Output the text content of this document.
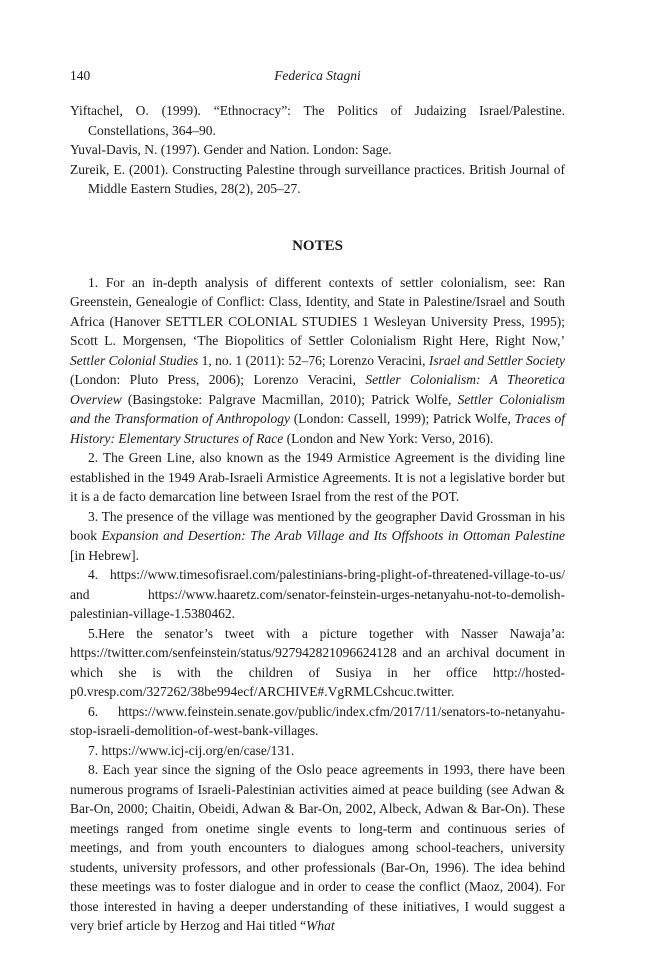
140	Federica Stagni
Yiftachel, O. (1999). “Ethnocracy”: The Politics of Judaizing Israel/Palestine. Constellations, 364–90.
Yuval-Davis, N. (1997). Gender and Nation. London: Sage.
Zureik, E. (2001). Constructing Palestine through surveillance practices. British Journal of Middle Eastern Studies, 28(2), 205–27.
NOTES
1. For an in-depth analysis of different contexts of settler colonialism, see: Ran Greenstein, Genealogie of Conflict: Class, Identity, and State in Palestine/Israel and South Africa (Hanover SETTLER COLONIAL STUDIES 1 Wesleyan University Press, 1995); Scott L. Morgensen, ‘The Biopolitics of Settler Colonialism Right Here, Right Now,’ Settler Colonial Studies 1, no. 1 (2011): 52–76; Lorenzo Veracini, Israel and Settler Society (London: Pluto Press, 2006); Lorenzo Veracini, Settler Colonialism: A Theoretica Overview (Basingstoke: Palgrave Macmillan, 2010); Patrick Wolfe, Settler Colonialism and the Transformation of Anthropology (London: Cassell, 1999); Patrick Wolfe, Traces of History: Elementary Structures of Race (London and New York: Verso, 2016).
2. The Green Line, also known as the 1949 Armistice Agreement is the dividing line established in the 1949 Arab-Israeli Armistice Agreements. It is not a legislative border but it is a de facto demarcation line between Israel from the rest of the POT.
3. The presence of the village was mentioned by the geographer David Grossman in his book Expansion and Desertion: The Arab Village and Its Offshoots in Ottoman Palestine [in Hebrew].
4. https://www.timesofisrael.com/palestinians-bring-plight-of-threatened-village-to-us/ and https://www.haaretz.com/senator-feinstein-urges-netanyahu-not-to-demolish-palestinian-village-1.5380462.
5.Here the senator’s tweet with a picture together with Nasser Nawaja’a: https://twitter.com/senfeinstein/status/927942821096624128 and an archival document in which she is with the children of Susiya in her office http://hosted-p0.vresp.com/327262/38be994ecf/ARCHIVE#.VgRMLCshcuc.twitter.
6. https://www.feinstein.senate.gov/public/index.cfm/2017/11/senators-to-netanyahu-stop-israeli-demolition-of-west-bank-villages.
7. https://www.icj-cij.org/en/case/131.
8. Each year since the signing of the Oslo peace agreements in 1993, there have been numerous programs of Israeli-Palestinian activities aimed at peace building (see Adwan & Bar-On, 2000; Chaitin, Obeidi, Adwan & Bar-On, 2002, Albeck, Adwan & Bar-On). These meetings ranged from onetime single events to long-term and continuous series of meetings, and from youth encounters to dialogues among school-teachers, university students, university professors, and other professionals (Bar-On, 1996). The idea behind these meetings was to foster dialogue and in order to cease the conflict (Maoz, 2004). For those interested in having a deeper understanding of these initiatives, I would suggest a very brief article by Herzog and Hai titled “What
